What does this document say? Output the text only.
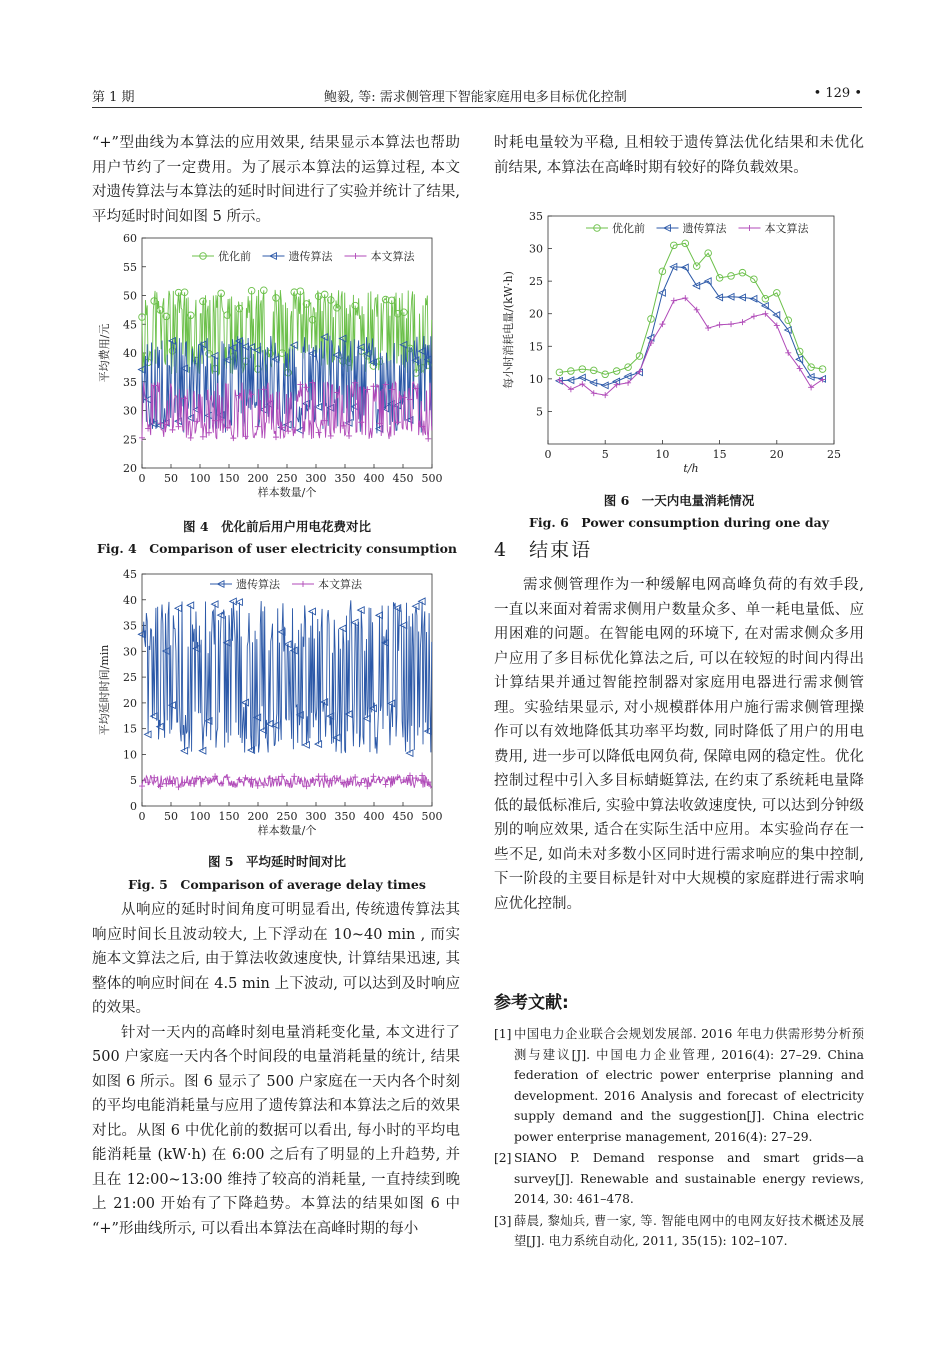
第 1 期	鲍毅, 等: 需求侧管理下智能家庭用电多目标优化控制	• 129 •

“+”型曲线为本算法的应用效果, 结果显示本算法也帮助用户节约了一定费用。为了展示本算法的运算过程, 本文对遗传算法与本算法的延时时间进行了实验并统计了结果, 平均延时时间如图 5 所示。

0 50 100 150 200 250 300 350 400 450 500
20
25
30
35
40
45
50
55
60
样本数量/个
平均费用/元
优化前	遗传算法	本文算法
图 4　优化前后用户用电花费对比
Fig. 4　Comparison of user electricity consumption
0 50 100 150 200 250 300 350 400 450 500
0
5
10
15
20
25
30
35
40
45
样本数量/个
平均延时时间/min
遗传算法	本文算法
图 5　平均延时时间对比
Fig. 5　Comparison of average delay times

从响应的延时时间角度可明显看出, 传统遗传算法其响应时间长且波动较大, 上下浮动在 10~40 min , 而实施本文算法之后, 由于算法收敛速度快, 计算结果迅速, 其整体的响应时间在 4.5 min 上下波动, 可以达到及时响应的效果。

针对一天内的高峰时刻电量消耗变化量, 本文进行了 500 户家庭一天内各个时间段的电量消耗量的统计, 结果如图 6 所示。图 6 显示了 500 户家庭在一天内各个时刻的平均电能消耗量与应用了遗传算法和本算法之后的效果对比。从图 6 中优化前的数据可以看出, 每小时的平均电能消耗量 (kW·h) 在 6:00 之后有了明显的上升趋势, 并且在 12:00~13:00 维持了较高的消耗量, 一直持续到晚上 21:00 开始有了下降趋势。本算法的结果如图 6 中 “+”形曲线所示, 可以看出本算法在高峰时期的每小

时耗电量较为平稳, 且相较于遗传算法优化结果和未优化前结果, 本算法在高峰时期有较好的降负载效果。

0	5	10	15	20	25
5
10
15
20
25
30
35
t/h
每小时消耗电量/(kW·h)
优化前	遗传算法	本文算法
图 6　一天内电量消耗情况
Fig. 6　Power consumption during one day
4　结束语

需求侧管理作为一种缓解电网高峰负荷的有效手段, 一直以来面对着需求侧用户数量众多、单一耗电量低、应用困难的问题。在智能电网的环境下, 在对需求侧众多用户应用了多目标优化算法之后, 可以在较短的时间内得出计算结果并通过智能控制器对家庭用电器进行需求侧管理。实验结果显示, 对小规模群体用户施行需求侧管理操作可以有效地降低其功率平均数, 同时降低了用户的用电费用, 进一步可以降低电网负荷, 保障电网的稳定性。优化控制过程中引入多目标蜻蜓算法, 在约束了系统耗电量降低的最低标准后, 实验中算法收敛速度快, 可以达到分钟级别的响应效果, 适合在实际生活中应用。本实验尚存在一些不足, 如尚未对多数小区同时进行需求响应的集中控制, 下一阶段的主要目标是针对中大规模的家庭群进行需求响应优化控制。

参考文献:
[1] 中国电力企业联合会规划发展部. 2016 年电力供需形势分析预测与建议[J]. 中国电力企业管理, 2016(4): 27–29. China federation of electric power enterprise planning and development. 2016 Analysis and forecast of electricity supply demand and the suggestion[J]. China electric power enterprise management, 2016(4): 27–29.
[2] SIANO P. Demand response and smart grids—a survey[J]. Renewable and sustainable energy reviews, 2014, 30: 461–478.
[3] 薛晨, 黎灿兵, 曹一家, 等. 智能电网中的电网友好技术概述及展望[J]. 电力系统自动化, 2011, 35(15): 102–107.
